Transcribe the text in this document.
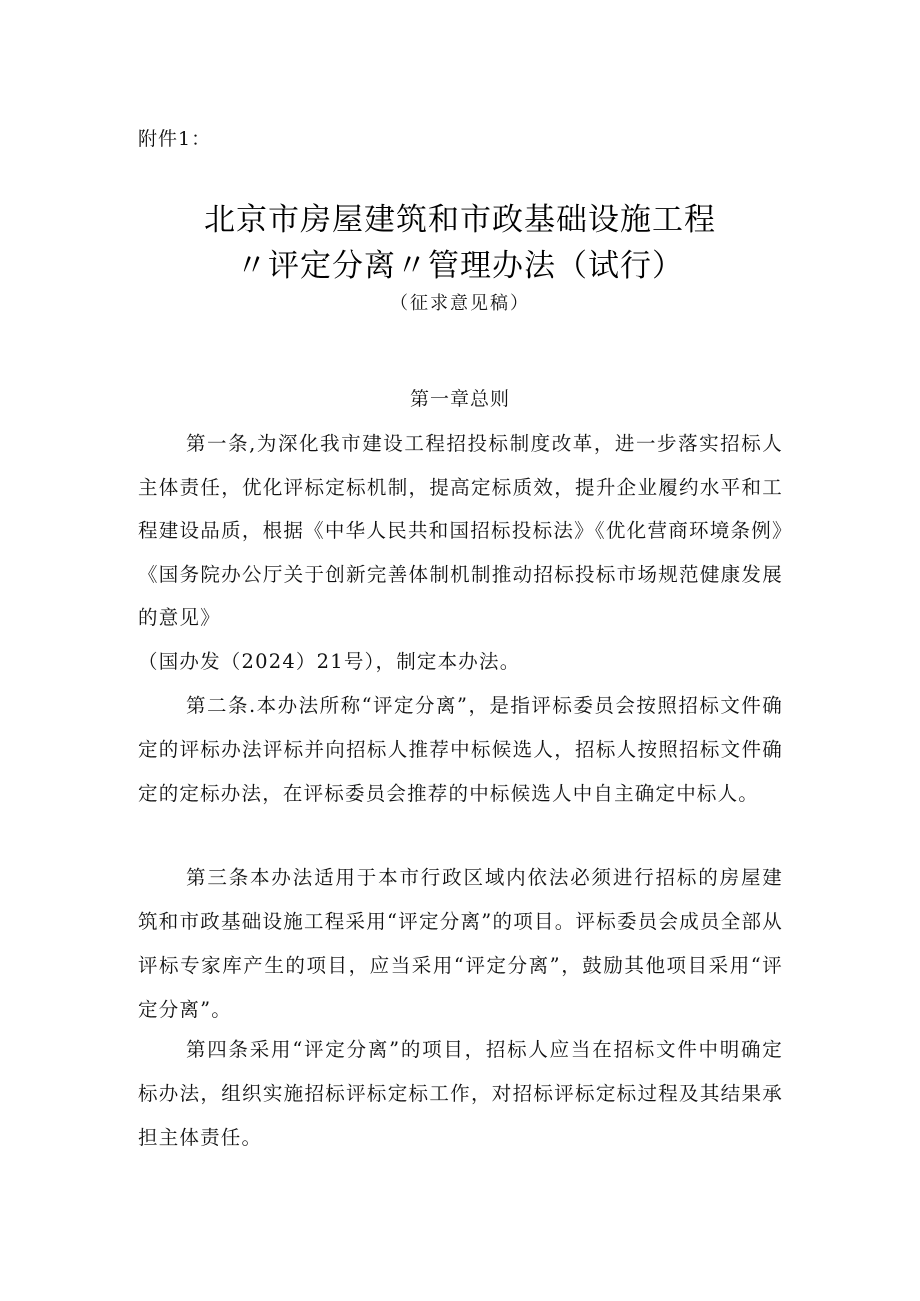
附件1：
北京市房屋建筑和市政基础设施工程
〃评定分离〃管理办法（试行）
（征求意见稿）
第一章总则

第一条,为深化我市建设工程招投标制度改革，进一步落实招标人主体责任，优化评标定标机制，提高定标质效，提升企业履约水平和工程建设品质，根据《中华人民共和国招标投标法》《优化营商环境条例》《国务院办公厅关于创新完善体制机制推动招标投标市场规范健康发展的意见》

（国办发（2024）21号），制定本办法。

第二条.本办法所称“评定分离”，是指评标委员会按照招标文件确定的评标办法评标并向招标人推荐中标候选人，招标人按照招标文件确定的定标办法，在评标委员会推荐的中标候选人中自主确定中标人。

第三条本办法适用于本市行政区域内依法必须进行招标的房屋建筑和市政基础设施工程采用“评定分离”的项目。评标委员会成员全部从评标专家库产生的项目，应当采用“评定分离”，鼓励其他项目采用“评定分离”。

第四条采用“评定分离”的项目，招标人应当在招标文件中明确定标办法，组织实施招标评标定标工作，对招标评标定标过程及其结果承担主体责任。
